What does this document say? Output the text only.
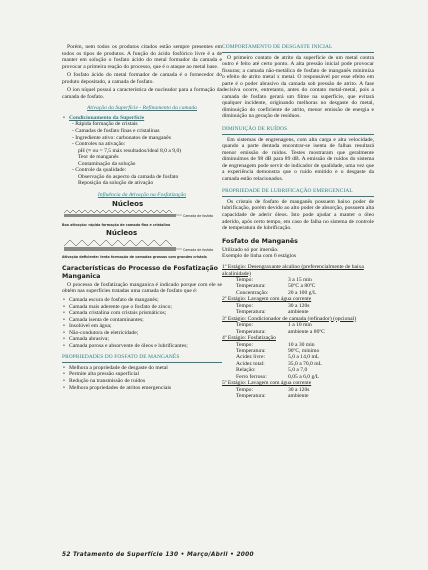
Porém, nem todos os produtos citados estão sempre presentes em todos os tipos de produtos. A função do ácido fosfórico livre é a de manter em solução o fosfato ácido do metal formador da camada e provocar a primeira reação do processo, que é o ataque ao metal base.

O fosfato ácido do metal formador de camada é o fornecedor do produto depositado, a camada de fosfato.

O íon níquel possui a característica de nucleador para a formação da camada de fosfato.

Ativação da Superfície - Refinamento da camada
• Condicionamento da Superfície
- Rápida formação de cristais
- Camadas de fosfato finas e cristalinas
- Ingrediente ativo: carbonatos de manganês
- Controles na ativação:
pH (≈ ou = 7,5 máx resultados/ideal 8,0 a 9,0)
Teor de manganês
Contaminação da solução
- Controle da qualidade:
Observação do aspecto da camada de fosfato
Reposição da solução de ativação
Influência da Ativação na Fosfatização
Núcleos
Camada de fosfato
Boa ativação: rápida formação de camada fina e cristalina
Núcleos
Camada de fosfato
Ativação deficiente: lenta formação de camadas grossas com grandes cristais
Características do Processo de Fosfatização Manganica

O processo de fosfatização manganica é indicado porque com ele se obtém nas superfícies tratadas uma camada de fosfato que é:

• Camada escura de fosfato de manganês;
• Camada mais aderente que o fosfato de zinco;
• Camada cristalina com cristais prismáticos;
• Camada isenta de contaminantes;
• Insolúvel em água;
• Não-condutora de eletricidade;
• Camada abrasiva;
• Camada porosa e absorvente de óleos e lubrificantes;
PROPRIEDADES DO FOSFATO DE MANGANÊS
• Melhora a propriedade de desgaste do metal
• Permite alta pressão superficial
• Redução na transmissão de ruídos
• Melhora propriedades de atritos emergenciais
COMPORTAMENTO DE DESGASTE INICIAL

O primeiro contato de atrito da superfície de um metal contra outro é feito até certo ponto. A alta pressão inicial pode provocar fissuras; a camada não-metálica de fosfato de manganês minimiza o efeito de atrito metal x metal. O responsável por esse efeito em parte é o poder abrasivo da camada sob pressão de atrito. A fase decisiva ocorre, entretanto, antes do contato metal-metal, pois a camada de fosfato gerará um filme na superfície, que evitará qualquer incidente, originando melhoras no desgaste do metal, diminuição do coeficiente de atrito, menor emissão de energia e diminuição na geração de resíduos.

DIMINUIÇÃO DE RUÍDOS

Em sistemas de engrenagens, com alta carga e alta velocidade, quando a parte dentada encontrar-se isenta de falhas resultará menor emissão de ruídos. Testes mostraram que geralmente diminuímos de 98 dB para 89 dB. A emissão de ruídos do sistema de engrenagem pode servir de indicador de qualidade, uma vez que a experiência demonstra que o ruído emitido e o desgaste da camada estão relacionados.

PROPRIEDADE DE LUBRIFICAÇÃO EMERGENCIAL

Os cristais de fosfato de manganês possuem baixo poder de lubrificação, porém devido ao alto poder de absorção, possuem alta capacidade de aderir óleos. Isto pode ajudar a manter o óleo aderido, após certo tempo, em caso de falha no sistema de controle de temperatura de lubrificação.

Fosfato de Manganês
Utilizado só por imersão.
Exemplo de linha com 6 estágios
1º Estágio: Desengraxante alcalino (preferencialmente de baixa alcalinidade)
Tempo:	3 a 15 min
Temperatura:	50ºC a 80ºC
Concentração:	20 a 100 g/L
2º Estágio: Lavagem com água corrente
Tempo:	30 a 120s
Temperatura:	ambiente
3º Estágio: Condicionador de camada (refinador) (opcional)
Tempo:	1 a 10 min
Temperatura:	ambiente a 80ºC
4º Estágio: Fosfatização
Tempo:	10 a 30 min
Temperatura:	90ºC, mínimo
Acidez livre:	5,0 a 14,0 mL
Acidez total:	35,0 a 70,0 mL
Relação:	5,0 a 7,0
Ferro ferroso:	0,05 a 6,0 g/L
5º Estágio: Lavagem com água corrente
Tempo:	30 a 120s
Temperatura:	ambiente
52 Tratamento de Superfície 130 • Março/Abril • 2000
